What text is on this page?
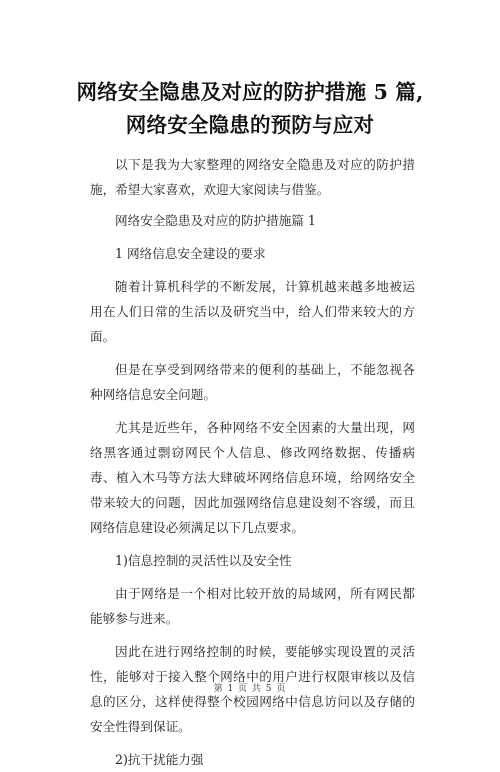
网络安全隐患及对应的防护措施 5 篇,网络安全隐患的预防与应对

以下是我为大家整理的网络安全隐患及对应的防护措施，希望大家喜欢，欢迎大家阅读与借鉴。

网络安全隐患及对应的防护措施篇 1

1 网络信息安全建设的要求

随着计算机科学的不断发展，计算机越来越多地被运用在人们日常的生活以及研究当中，给人们带来较大的方面。

但是在享受到网络带来的便利的基础上，不能忽视各种网络信息安全问题。

尤其是近些年，各种网络不安全因素的大量出现，网络黑客通过剽窃网民个人信息、修改网络数据、传播病毒、植入木马等方法大肆破坏网络信息环境，给网络安全带来较大的问题，因此加强网络信息建设刻不容缓，而且网络信息建设必须满足以下几点要求。

1)信息控制的灵活性以及安全性

由于网络是一个相对比较开放的局域网，所有网民都能够参与进来。

因此在进行网络控制的时候，要能够实现设置的灵活性，能够对于接入整个网络中的用户进行权限审核以及信息的区分，这样使得整个校园网络中信息访问以及存储的安全性得到保证。

2)抗干扰能力强

第 1 页 共 5 页
